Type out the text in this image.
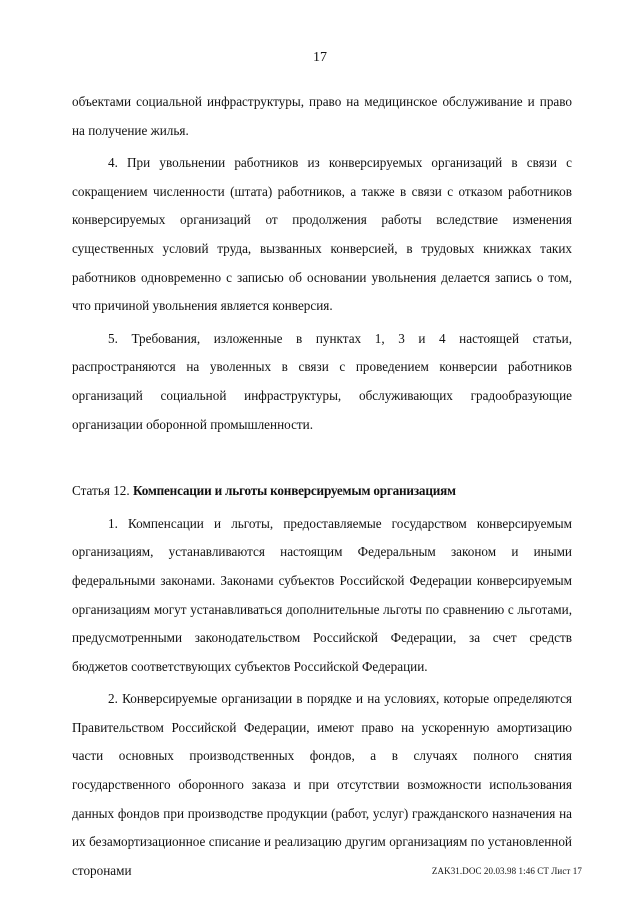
17

объектами социальной инфраструктуры, право на медицинское обслуживание и право на получение жилья.

4. При увольнении работников из конверсируемых организаций в связи с сокращением численности (штата) работников, а также в связи с отказом работников конверсируемых организаций от продолжения работы вследствие изменения существенных условий труда, вызванных конверсией, в трудовых книжках таких работников одновременно с записью об основании увольнения делается запись о том, что причиной увольнения является конверсия.

5. Требования, изложенные в пунктах 1, 3 и 4 настоящей статьи, распространяются на уволенных в связи с проведением конверсии работников организаций социальной инфраструктуры, обслуживающих градообразующие организации оборонной промышленности.

Статья 12. Компенсации и льготы конверсируемым организациям

1. Компенсации и льготы, предоставляемые государством конверсируемым организациям, устанавливаются настоящим Федеральным законом и иными федеральными законами. Законами субъектов Российской Федерации конверсируемым организациям могут устанавливаться дополнительные льготы по сравнению с льготами, предусмотренными законодательством Российской Федерации, за счет средств бюджетов соответствующих субъектов Российской Федерации.

2. Конверсируемые организации в порядке и на условиях, которые определяются Правительством Российской Федерации, имеют право на ускоренную амортизацию части основных производственных фондов, а в случаях полного снятия государственного оборонного заказа и при отсутствии возможности использования данных фондов при производстве продукции (работ, услуг) гражданского назначения на их безамортизационное списание и реализацию другим организациям по установленной сторонами	ZAK31.DOC 20.03.98 1:46 CT Лист 17
